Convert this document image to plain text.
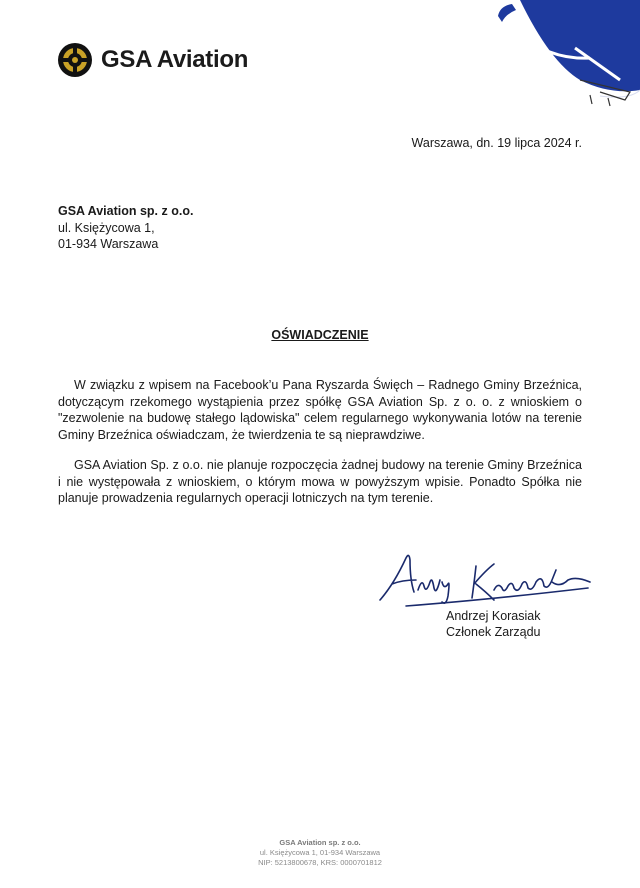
GSA Aviation
Warszawa, dn. 19 lipca 2024 r.
GSA Aviation sp. z o.o.
ul. Księżycowa 1,
01-934 Warszawa
OŚWIADCZENIE

W związku z wpisem na Facebook’u Pana Ryszarda Święch – Radnego Gminy Brzeźnica, dotyczącym rzekomego wystąpienia przez spółkę GSA Aviation Sp. z o. o. z wnioskiem o "zezwolenie na budowę stałego lądowiska" celem regularnego wykonywania lotów na terenie Gminy Brzeźnica oświadczam, że twierdzenia te są nieprawdziwe.

GSA Aviation Sp. z o.o. nie planuje rozpoczęcia żadnej budowy na terenie Gminy Brzeźnica i nie występowała z wnioskiem, o którym mowa w powyższym wpisie. Ponadto Spółka nie planuje prowadzenia regularnych operacji lotniczych na tym terenie.

Andrzej Korasiak
Członek Zarządu
GSA Aviation sp. z o.o.
ul. Księżycowa 1, 01-934 Warszawa
NIP: 5213800678, KRS: 0000701812
